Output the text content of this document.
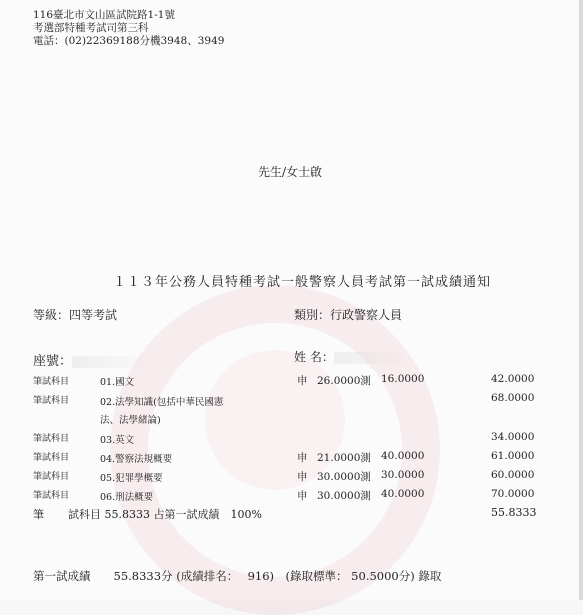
116臺北市文山區試院路1-1號
考選部特種考試司第三科
電話：(02)22369188分機3948、3949
先生/女士啟
１１３年公務人員特種考試一般警察人員考試第一試成績通知
等級：四等考試	類別：行政警察人員
座號：	姓 名：
筆試科目	01.國文	申 26.0000測 16.0000	42.0000
筆試科目	02.法學知識(包括中華民國憲	68.0000
法、法學緒論)
筆試科目	03.英文	34.0000
筆試科目	04.警察法規概要	申 21.0000測 40.0000	61.0000
筆試科目	05.犯罪學概要	申 30.0000測 30.0000	60.0000
筆試科目	06.刑法概要	申 30.0000測 40.0000	70.0000
筆 試科目 55.8333 占第一試成績　100%	55.8333
第一試成績　　55.8333分 (成績排名：　 916)　(錄取標準： 50.5000分) 錄取
